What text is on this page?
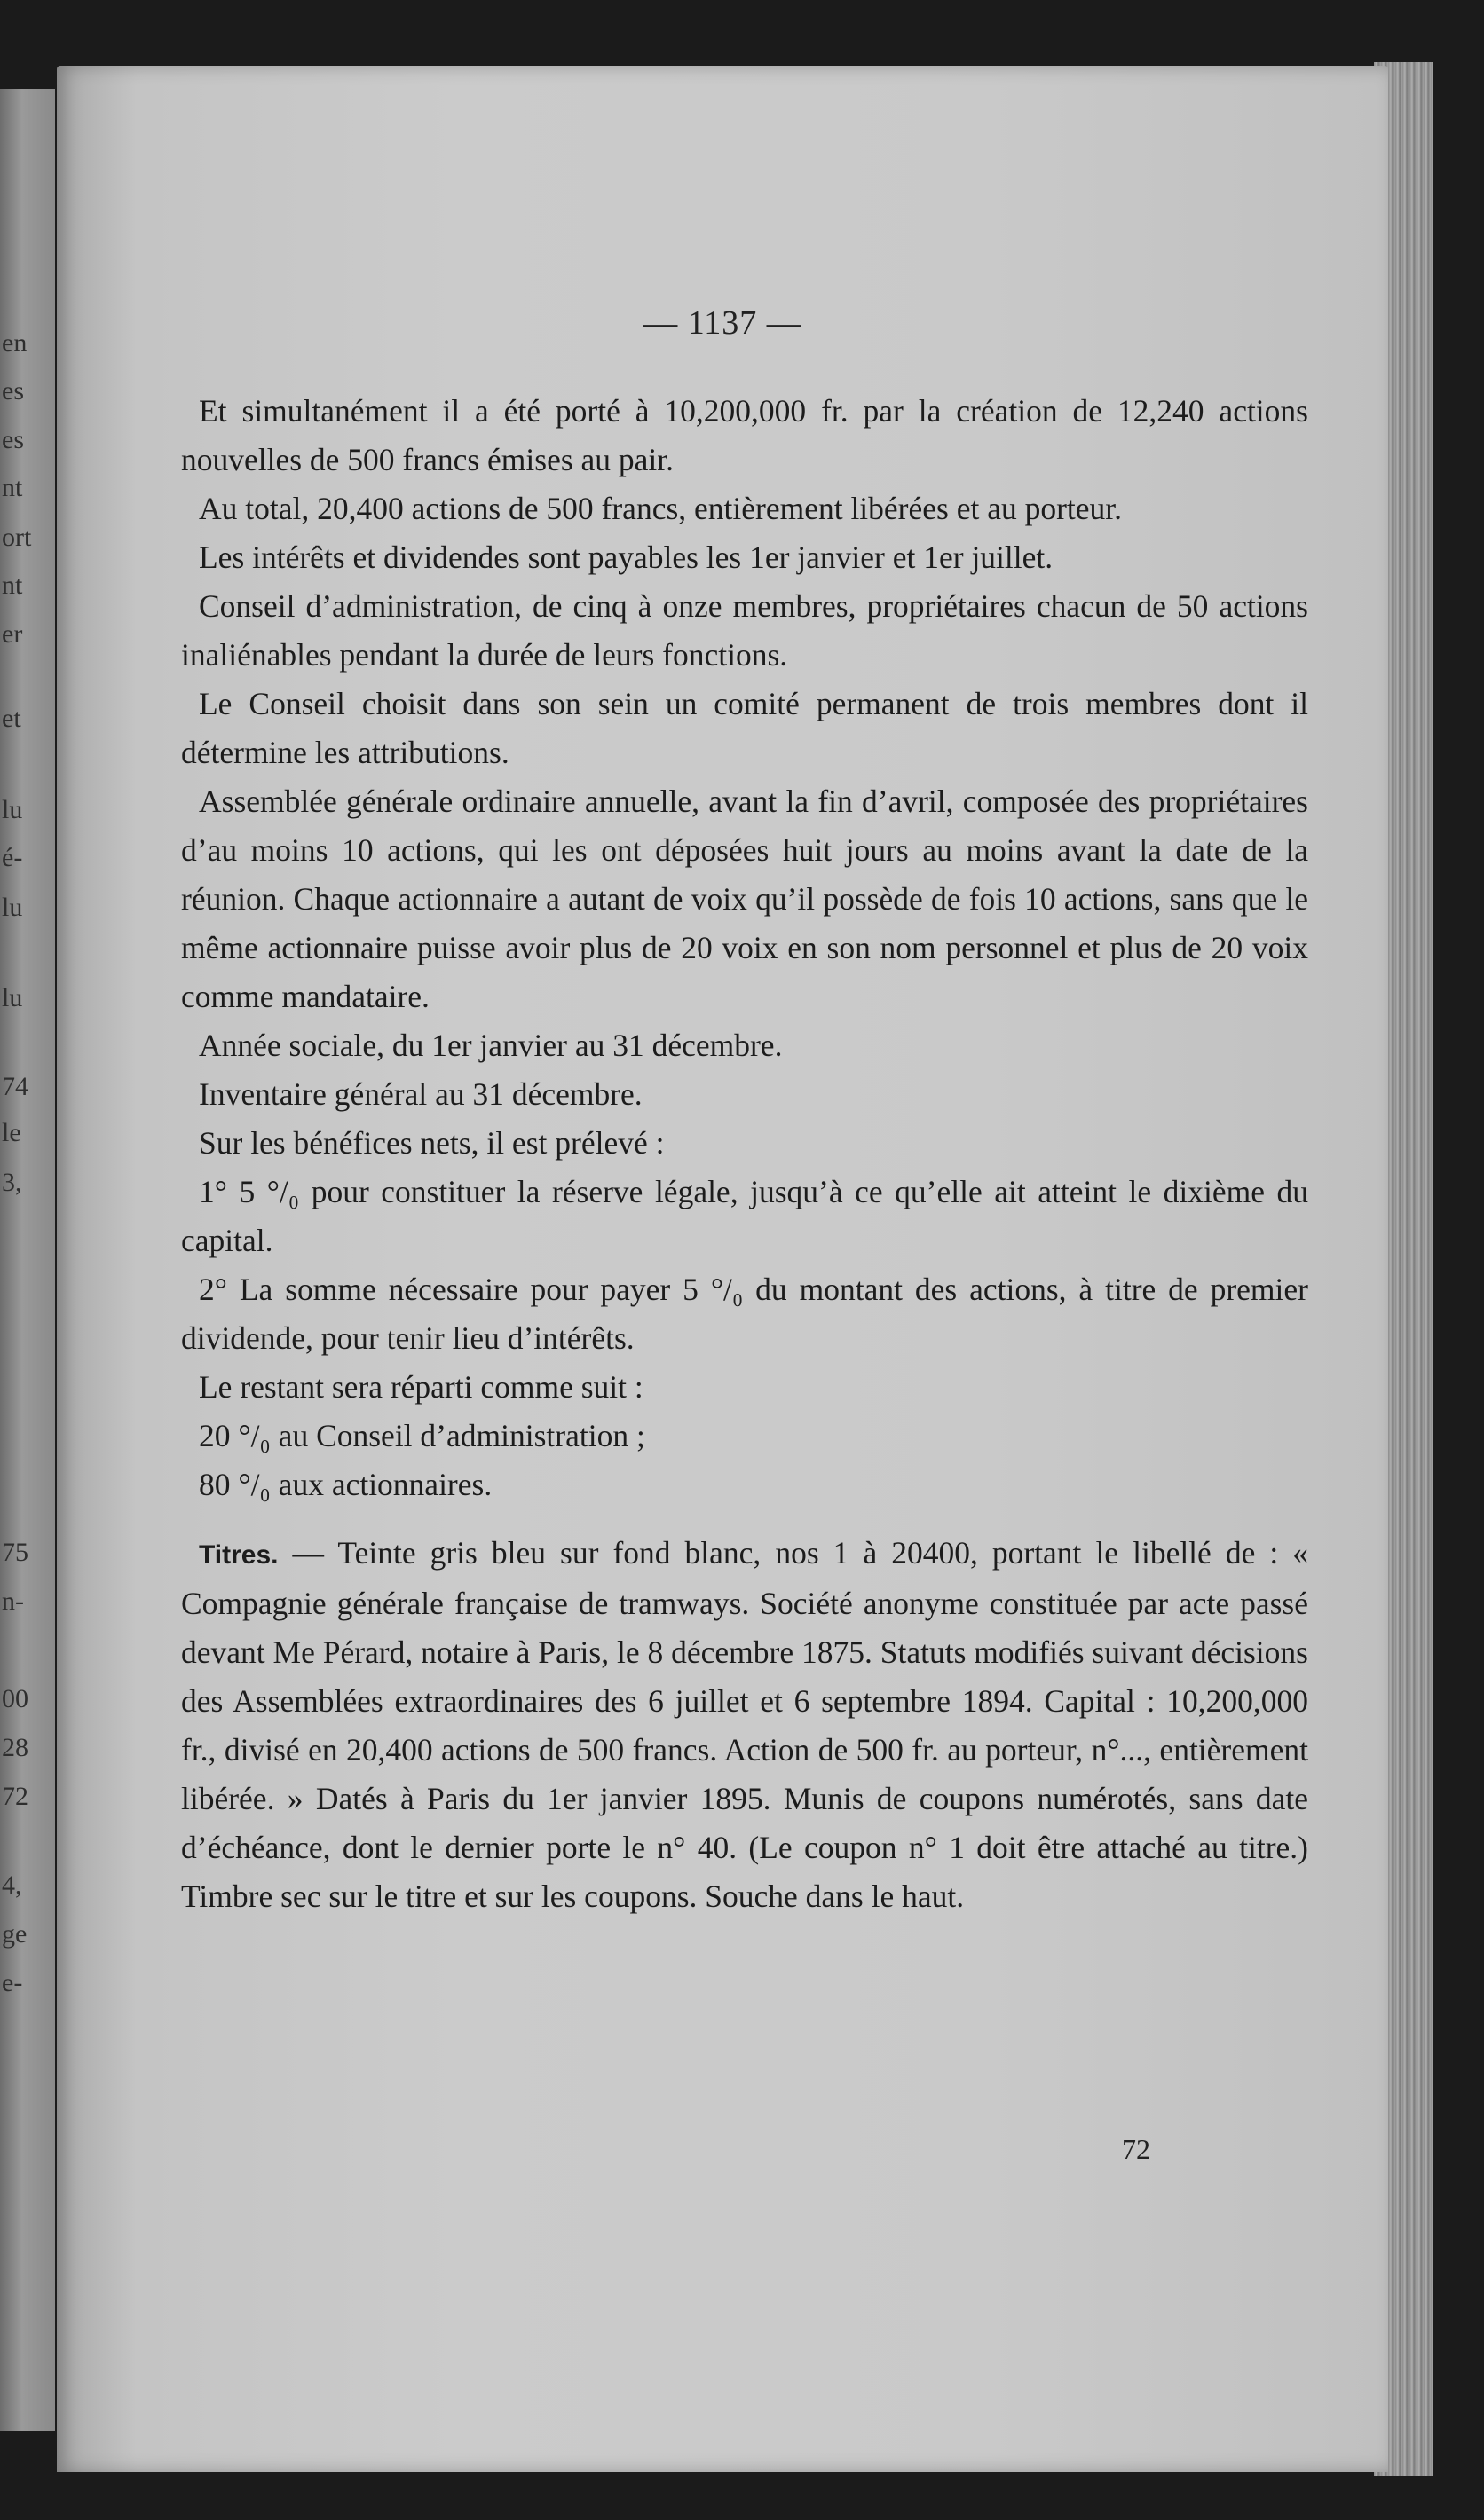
en
es
es
nt
ort
nt
er
et
lu
é-
lu
lu
74
le
3,
75
n-
00
28
72
4,
ge
e-
— 1137 —

Et simultanément il a été porté à 10,200,000 fr. par la création de 12,240 actions nouvelles de 500 francs émises au pair.

Au total, 20,400 actions de 500 francs, entièrement libérées et au porteur.

Les intérêts et dividendes sont payables les 1er janvier et 1er juillet.

Conseil d’administration, de cinq à onze membres, propriétaires chacun de 50 actions inaliénables pendant la durée de leurs fonctions.

Le Conseil choisit dans son sein un comité permanent de trois membres dont il détermine les attributions.

Assemblée générale ordinaire annuelle, avant la fin d’avril, composée des propriétaires d’au moins 10 actions, qui les ont déposées huit jours au moins avant la date de la réunion. Chaque actionnaire a autant de voix qu’il possède de fois 10 actions, sans que le même actionnaire puisse avoir plus de 20 voix en son nom personnel et plus de 20 voix comme mandataire.

Année sociale, du 1er janvier au 31 décembre.

Inventaire général au 31 décembre.

Sur les bénéfices nets, il est prélevé :

1° 5 °/₀ pour constituer la réserve légale, jusqu’à ce qu’elle ait atteint le dixième du capital.

2° La somme nécessaire pour payer 5 °/₀ du montant des actions, à titre de premier dividende, pour tenir lieu d’intérêts.

Le restant sera réparti comme suit :

20 °/₀ au Conseil d’administration ;

80 °/₀ aux actionnaires.

Titres. — Teinte gris bleu sur fond blanc, nos 1 à 20400, portant le libellé de : « Compagnie générale française de tramways. Société anonyme constituée par acte passé devant Me Pérard, notaire à Paris, le 8 décembre 1875. Statuts modifiés suivant décisions des Assemblées extraordinaires des 6 juillet et 6 septembre 1894. Capital : 10,200,000 fr., divisé en 20,400 actions de 500 francs. Action de 500 fr. au porteur, n°..., entièrement libérée. » Datés à Paris du 1er janvier 1895. Munis de coupons numérotés, sans date d’échéance, dont le dernier porte le n° 40. (Le coupon n° 1 doit être attaché au titre.) Timbre sec sur le titre et sur les coupons. Souche dans le haut.

72
